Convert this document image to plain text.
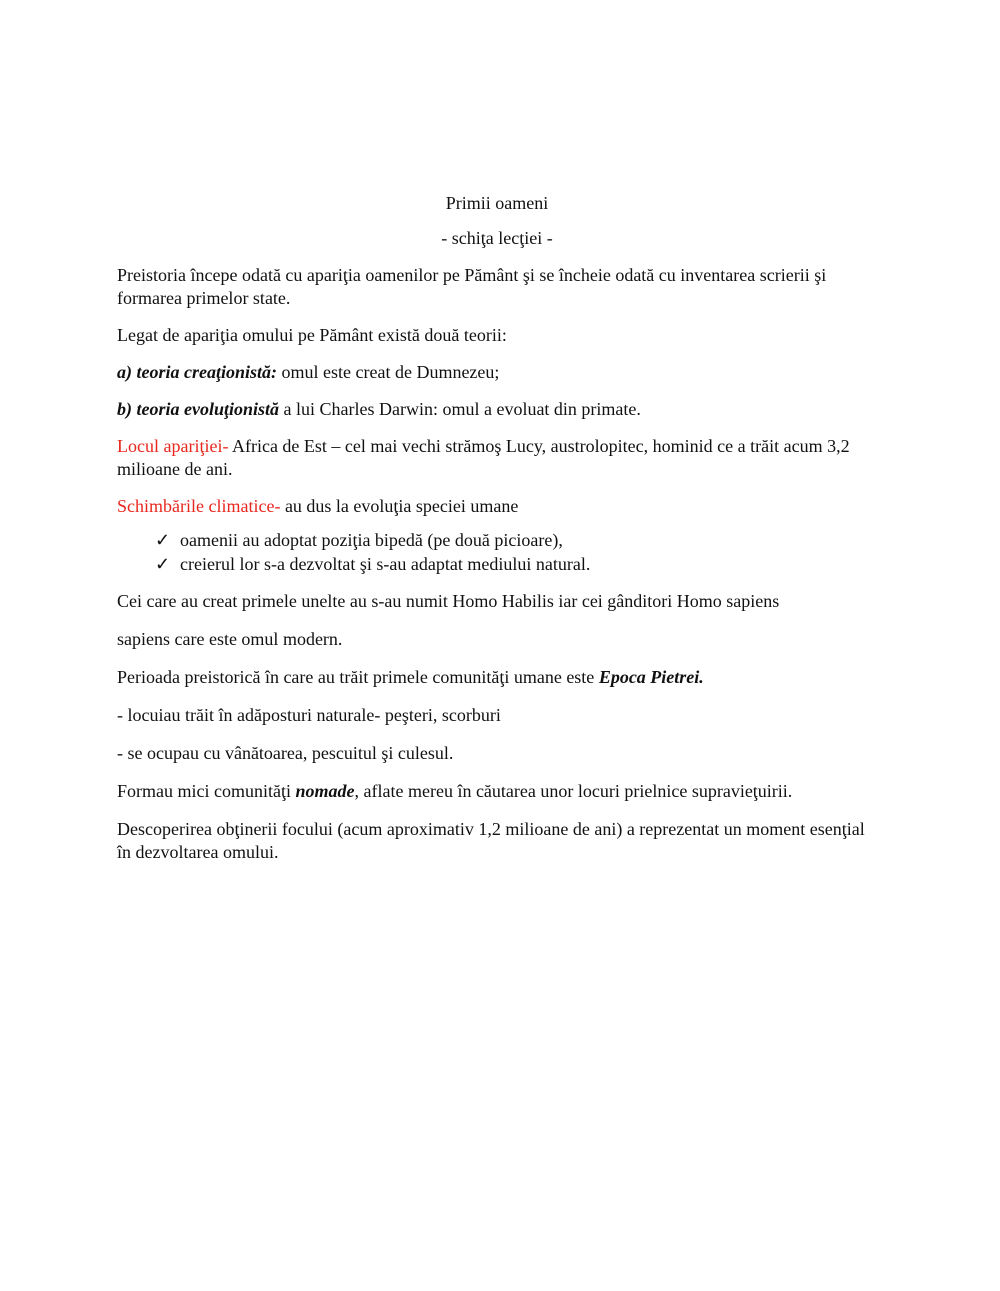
Primii oameni

- schiţa lecţiei -

Preistoria începe odată cu apariţia oamenilor pe Pământ şi se încheie odată cu inventarea scrierii şi formarea primelor state.

Legat de apariţia omului pe Pământ există două teorii:

a) teoria creaţionistă: omul este creat de Dumnezeu;

b) teoria evoluţionistă a lui Charles Darwin: omul a evoluat din primate.

Locul apariţiei- Africa de Est – cel mai vechi strămoş Lucy, austrolopitec, hominid ce a trăit acum 3,2 milioane de ani.

Schimbările climatice- au dus la evoluţia speciei umane

✓ oamenii au adoptat poziţia bipedă (pe două picioare),
✓ creierul lor s-a dezvoltat şi s-au adaptat mediului natural.

Cei care au creat primele unelte au s-au numit Homo Habilis iar cei gânditori Homo sapiens

sapiens care este omul modern.

Perioada preistorică în care au trăit primele comunităţi umane este Epoca Pietrei.

- locuiau trăit în adăposturi naturale- peşteri, scorburi

- se ocupau cu vânătoarea, pescuitul şi culesul.

Formau mici comunităţi nomade, aflate mereu în căutarea unor locuri prielnice supravieţuirii.

Descoperirea obţinerii focului (acum aproximativ 1,2 milioane de ani) a reprezentat un moment esenţial în dezvoltarea omului.
